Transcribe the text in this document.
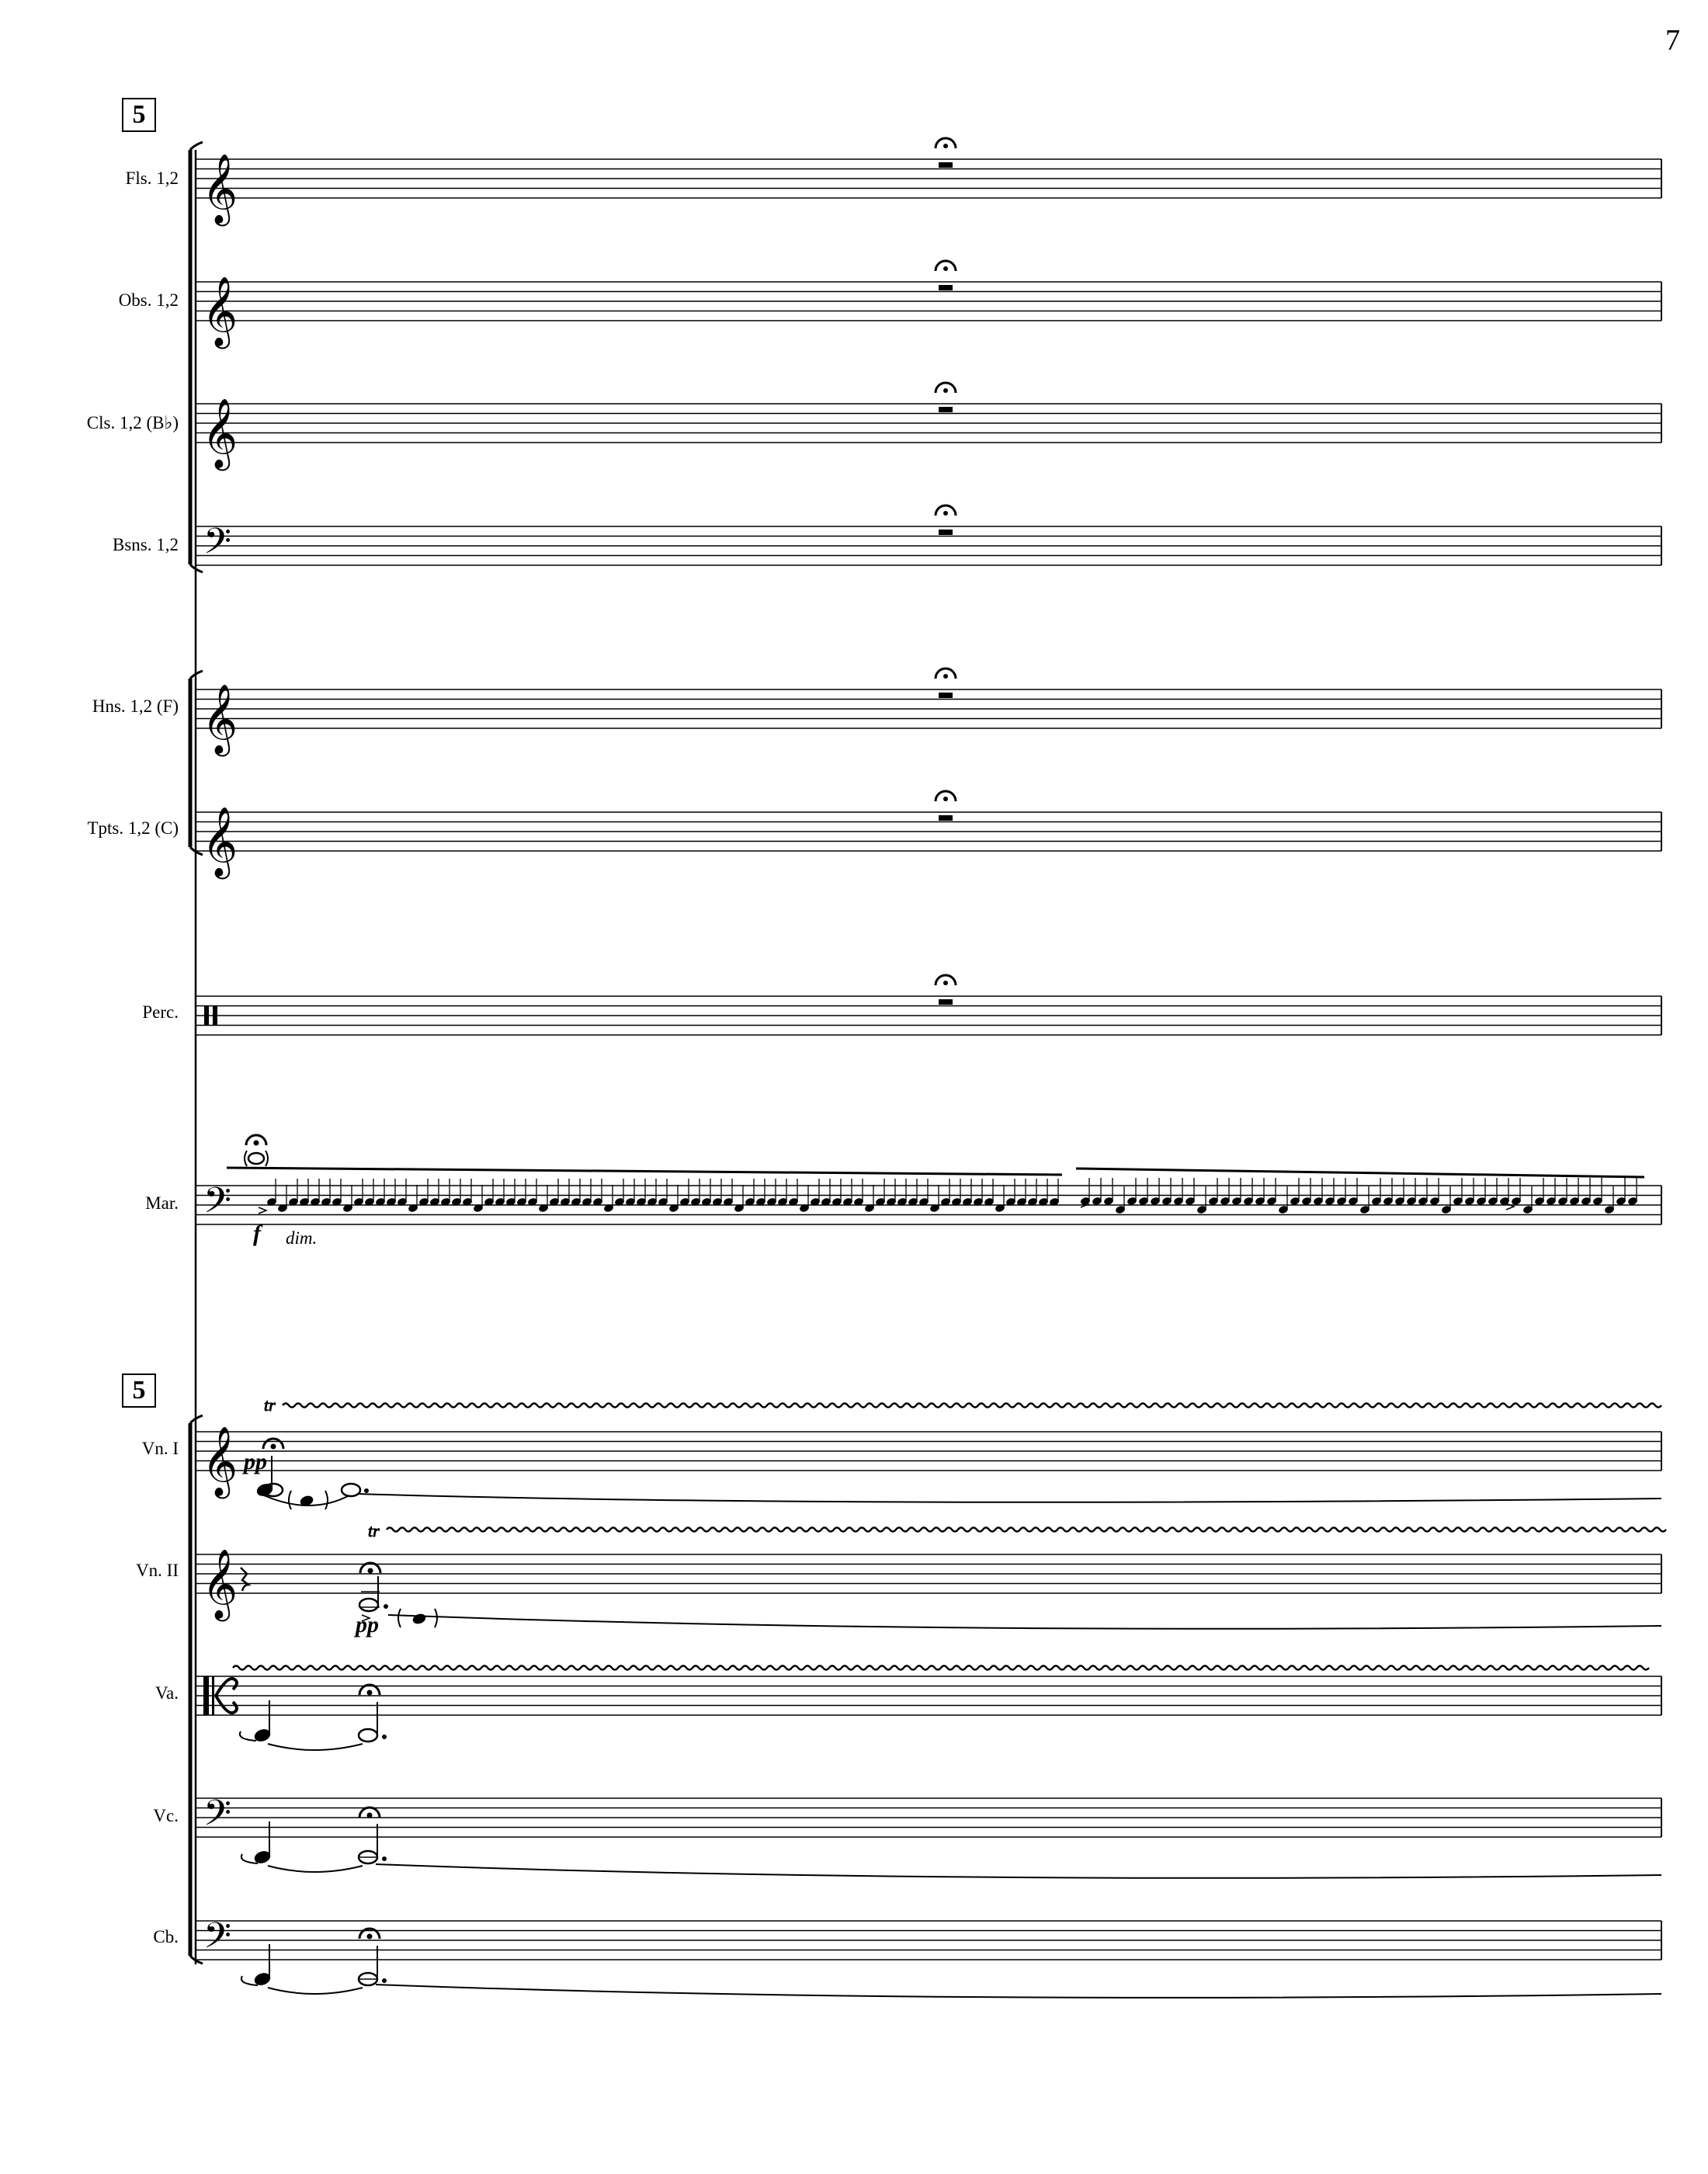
7
5
5
Fls. 1,2
Obs. 1,2
Cls. 1,2 (B♭)
Bsns. 1,2
Hns. 1,2 (F)
Tpts. 1,2 (C)
Perc.
Mar.
Vn. I
Vn. II
Va.
Vc.
Cb.
f dim.
pp
pp
𝄞
𝄞
𝄞
𝄢
𝄞
𝄞
𝄢
𝄞
𝄞
𝄢
𝄢
tr
tr
